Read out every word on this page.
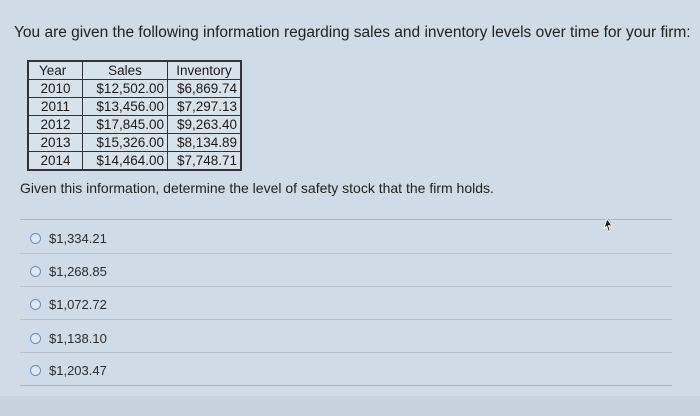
You are given the following information regarding sales and inventory levels over time for your firm:
Year	Sales	Inventory
2010	$12,502.00	$6,869.74
2011	$13,456.00	$7,297.13
2012	$17,845.00	$9,263.40
2013	$15,326.00	$8,134.89
2014	$14,464.00	$7,748.71
Given this information, determine the level of safety stock that the firm holds.
$1,334.21
$1,268.85
$1,072.72
$1,138.10
$1,203.47
